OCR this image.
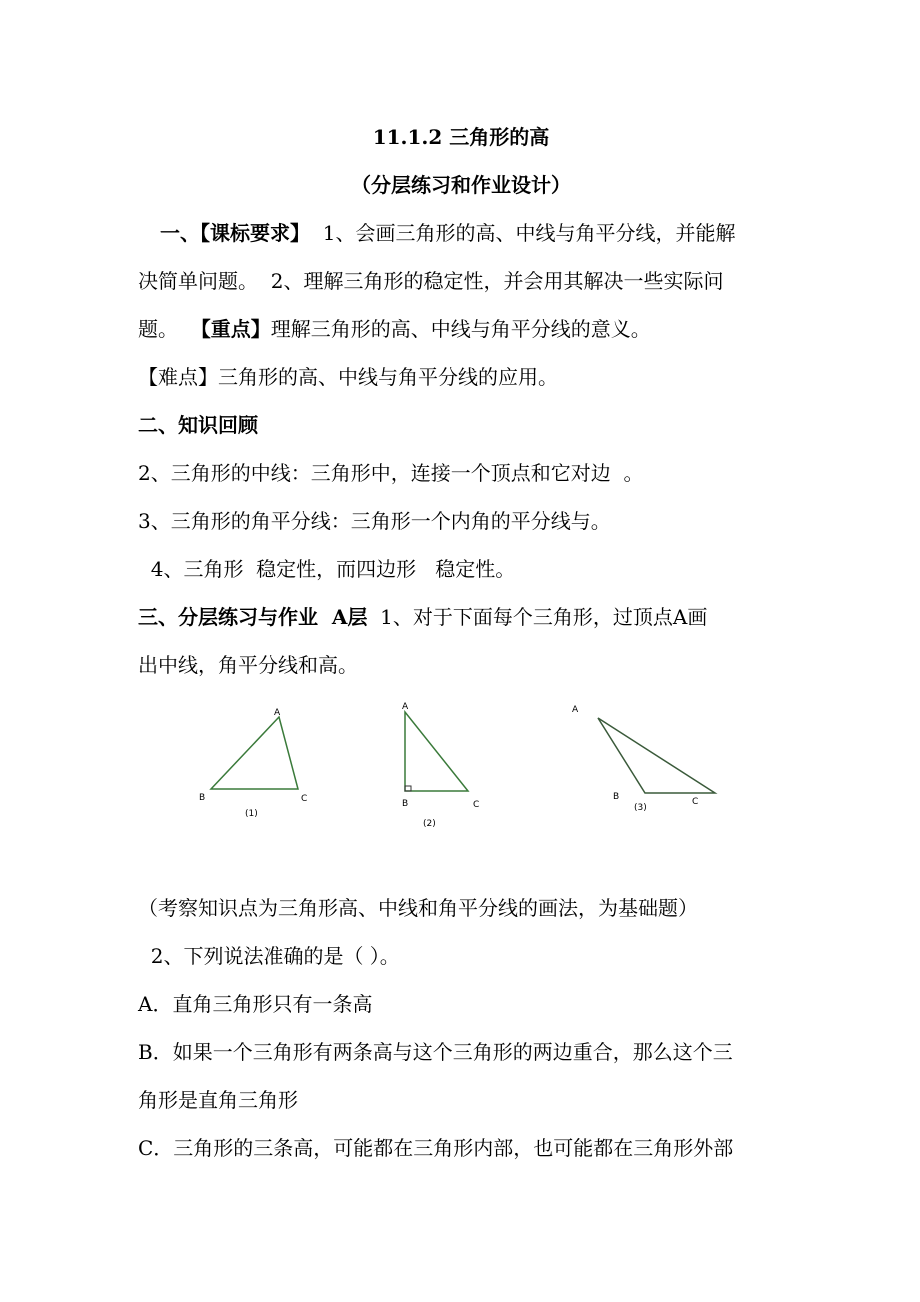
11.1.2 三角形的高
（分层练习和作业设计）
一、【课标要求】  1、会画三角形的高、中线与角平分线，并能解
决简单问题。  2、理解三角形的稳定性，并会用其解决一些实际问
题。  【重点】理解三角形的高、中线与角平分线的意义。
【难点】三角形的高、中线与角平分线的应用。
二、知识回顾
2、三角形的中线：三角形中，连接一个顶点和它对边  。
3、三角形的角平分线：三角形一个内角的平分线与。
4、三角形  稳定性，而四边形   稳定性。
三、分层练习与作业  A层  1、对于下面每个三角形，过顶点A画
出中线，角平分线和高。
A
B	C
(1)
A
B	C
(2)
A
B	C
(3)
（考察知识点为三角形高、中线和角平分线的画法，为基础题）
2、下列说法准确的是（ ）。
A．直角三角形只有一条高
B．如果一个三角形有两条高与这个三角形的两边重合，那么这个三
角形是直角三角形
C．三角形的三条高，可能都在三角形内部，也可能都在三角形外部
